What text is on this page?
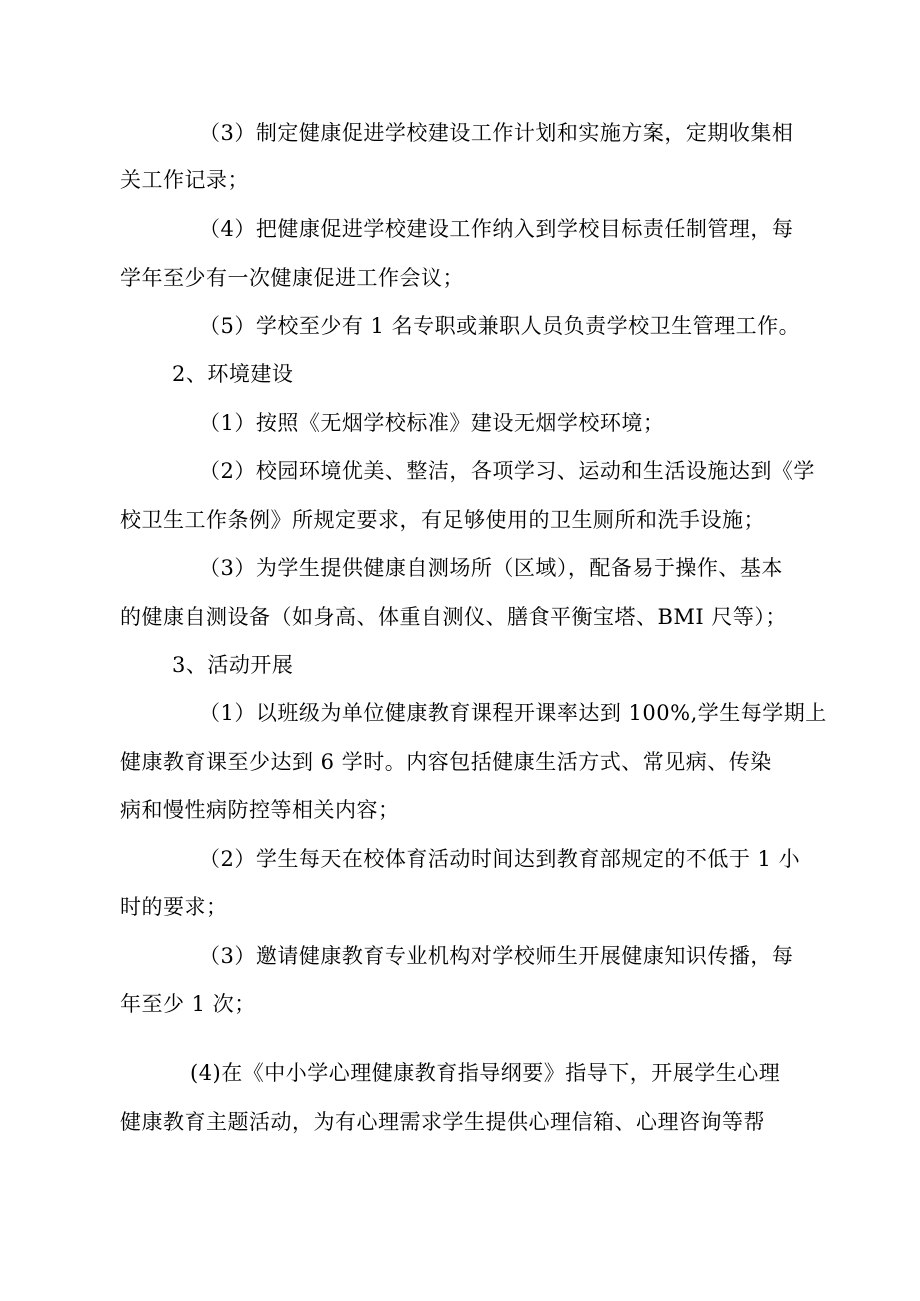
（3）制定健康促进学校建设工作计划和实施方案，定期收集相
关工作记录；
（4）把健康促进学校建设工作纳入到学校目标责任制管理，每
学年至少有一次健康促进工作会议；
（5）学校至少有 1 名专职或兼职人员负责学校卫生管理工作。
2、环境建设
（1）按照《无烟学校标准》建设无烟学校环境；
（2）校园环境优美、整洁，各项学习、运动和生活设施达到《学
校卫生工作条例》所规定要求，有足够使用的卫生厕所和洗手设施；
（3）为学生提供健康自测场所（区域），配备易于操作、基本
的健康自测设备（如身高、体重自测仪、膳食平衡宝塔、BMI 尺等）；
3、活动开展
（1）以班级为单位健康教育课程开课率达到 100%,学生每学期上
健康教育课至少达到 6 学时。内容包括健康生活方式、常见病、传染
病和慢性病防控等相关内容；
（2）学生每天在校体育活动时间达到教育部规定的不低于 1 小
时的要求；
（3）邀请健康教育专业机构对学校师生开展健康知识传播，每
年至少 1 次；
(4)在《中小学心理健康教育指导纲要》指导下，开展学生心理
健康教育主题活动，为有心理需求学生提供心理信箱、心理咨询等帮
